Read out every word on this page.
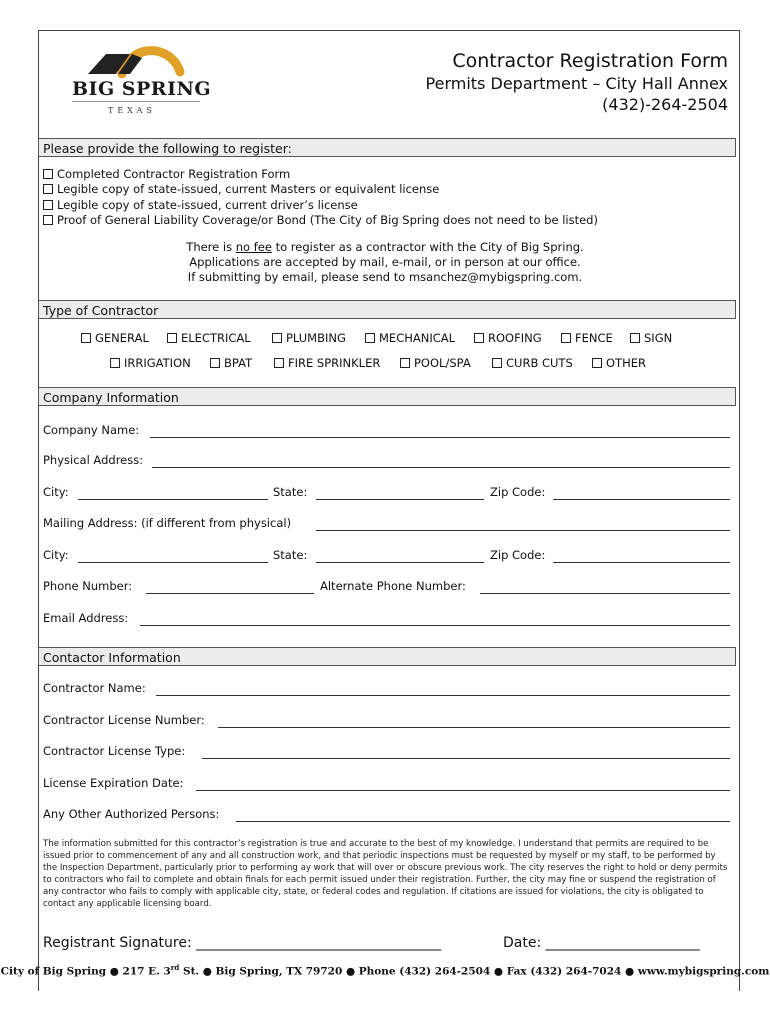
BIG SPRING
TEXAS
Contractor Registration Form
Permits Department – City Hall Annex
(432)-264-2504
Please provide the following to register:
Completed Contractor Registration Form
Legible copy of state-issued, current Masters or equivalent license
Legible copy of state-issued, current driver’s license
Proof of General Liability Coverage/or Bond (The City of Big Spring does not need to be listed)
There is no fee to register as a contractor with the City of Big Spring.
Applications are accepted by mail, e-mail, or in person at our office.
If submitting by email, please send to msanchez@mybigspring.com.
Type of Contractor
GENERAL	ELECTRICAL	PLUMBING	MECHANICAL	ROOFING	FENCE	SIGN
IRRIGATION	BPAT	FIRE SPRINKLER	POOL/SPA	CURB CUTS	OTHER
Company Information
Company Name:
Physical Address:
City:	State:	Zip Code:
Mailing Address: (if different from physical)
City:	State:	Zip Code:
Phone Number:	Alternate Phone Number:
Email Address:
Contactor Information
Contractor Name:
Contractor License Number:
Contractor License Type:
License Expiration Date:
Any Other Authorized Persons:
The information submitted for this contractor’s registration is true and accurate to the best of my knowledge. I understand that permits are required to be issued prior to commencement of any and all construction work, and that periodic inspections must be requested by myself or my staff, to be performed by the Inspection Department, particularly prior to performing ay work that will over or obscure previous work. The city reserves the right to hold or deny permits to contractors who fail to complete and obtain finals for each permit issued under their registration. Further, the city may fine or suspend the registration of any contractor who fails to comply with applicable city, state, or federal codes and regulation. If citations are issued for violations, the city is obligated to contact any applicable licensing board.
Registrant Signature: ___________________________________	Date: ______________________
City of Big Spring ● 217 E. 3rd St. ● Big Spring, TX 79720 ● Phone (432) 264-2504 ● Fax (432) 264-7024 ● www.mybigspring.com
